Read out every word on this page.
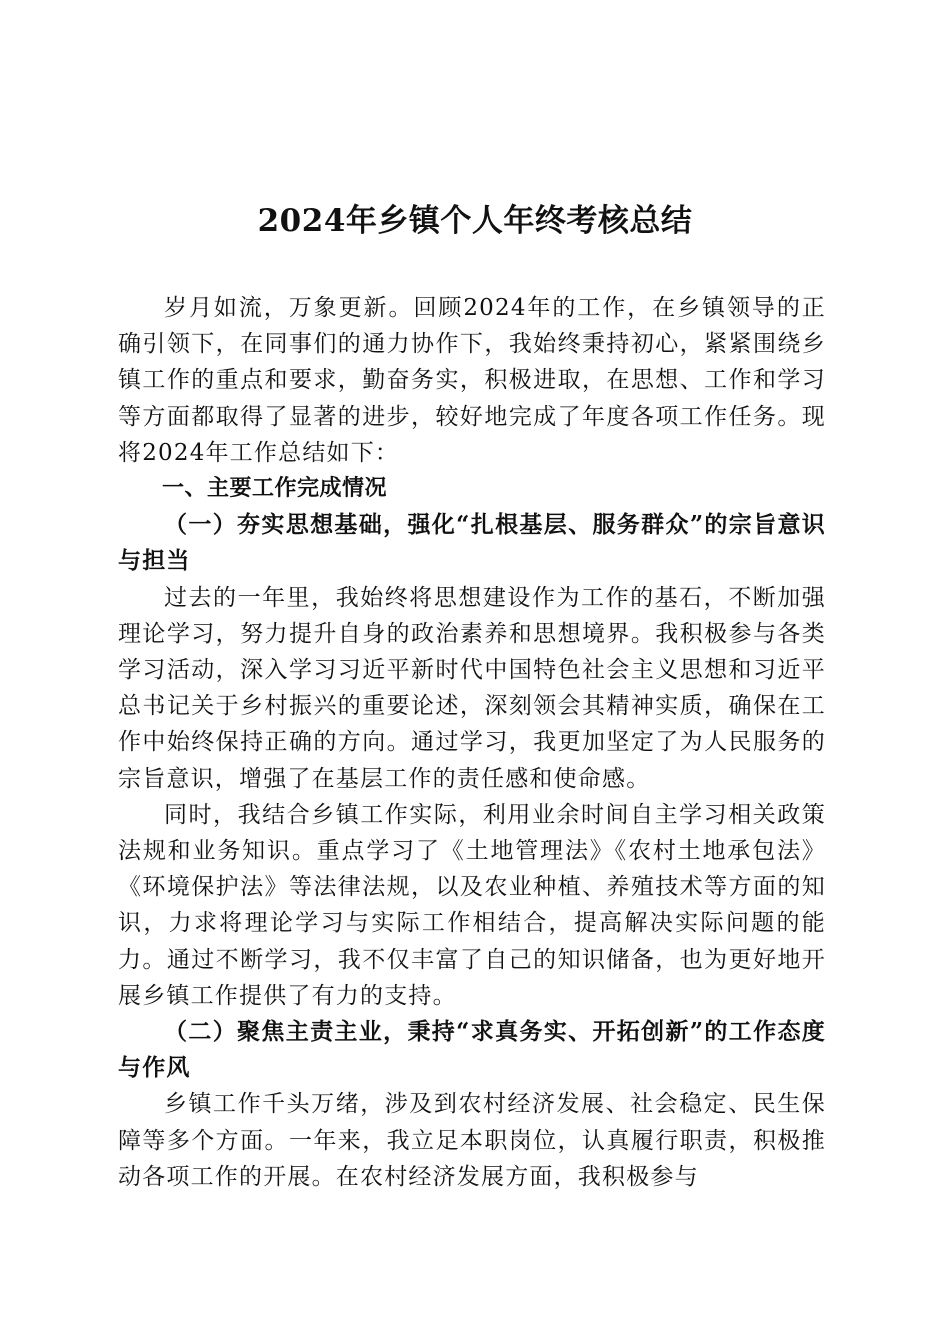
2024年乡镇个人年终考核总结

岁月如流，万象更新。回顾2024年的工作，在乡镇领导的正确引领下，在同事们的通力协作下，我始终秉持初心，紧紧围绕乡镇工作的重点和要求，勤奋务实，积极进取，在思想、工作和学习等方面都取得了显著的进步，较好地完成了年度各项工作任务。现将2024年工作总结如下：

一、主要工作完成情况

（一）夯实思想基础，强化“扎根基层、服务群众”的宗旨意识与担当

过去的一年里，我始终将思想建设作为工作的基石，不断加强理论学习，努力提升自身的政治素养和思想境界。我积极参与各类学习活动，深入学习习近平新时代中国特色社会主义思想和习近平总书记关于乡村振兴的重要论述，深刻领会其精神实质，确保在工作中始终保持正确的方向。通过学习，我更加坚定了为人民服务的宗旨意识，增强了在基层工作的责任感和使命感。

同时，我结合乡镇工作实际，利用业余时间自主学习相关政策法规和业务知识。重点学习了《土地管理法》《农村土地承包法》《环境保护法》等法律法规，以及农业种植、养殖技术等方面的知识，力求将理论学习与实际工作相结合，提高解决实际问题的能力。通过不断学习，我不仅丰富了自己的知识储备，也为更好地开展乡镇工作提供了有力的支持。

（二）聚焦主责主业，秉持“求真务实、开拓创新”的工作态度与作风

乡镇工作千头万绪，涉及到农村经济发展、社会稳定、民生保障等多个方面。一年来，我立足本职岗位，认真履行职责，积极推动各项工作的开展。在农村经济发展方面，我积极参与
